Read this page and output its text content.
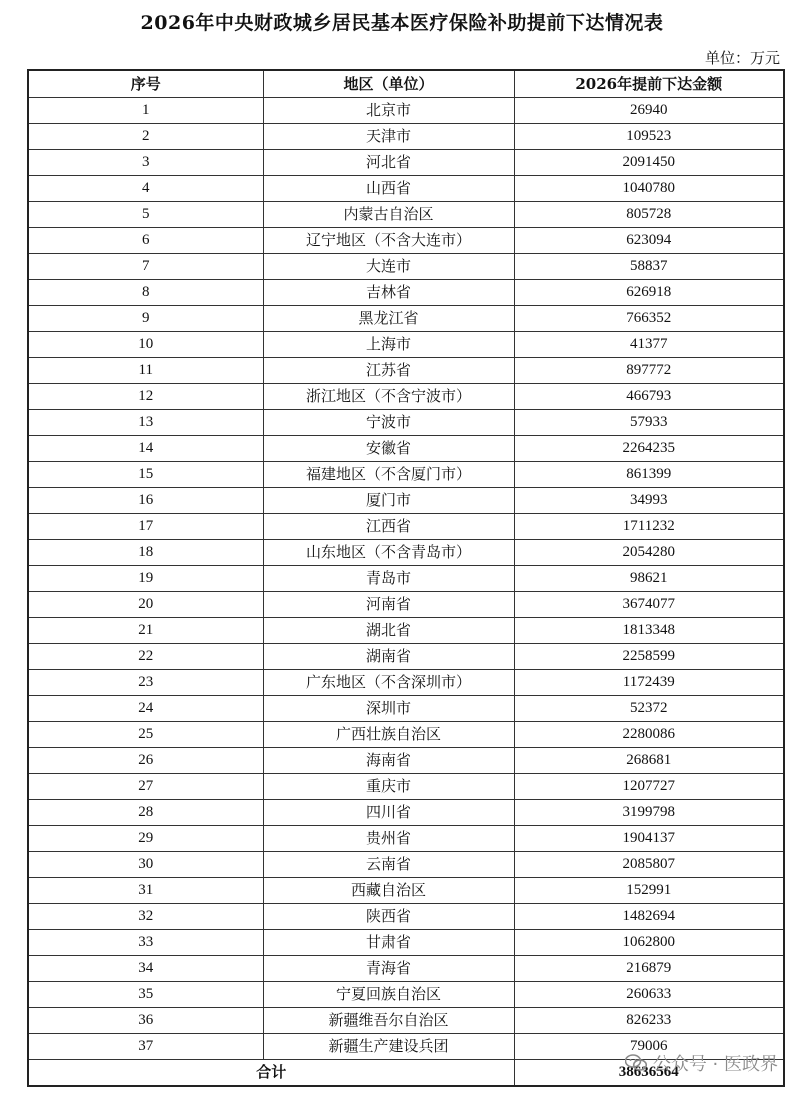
2026年中央财政城乡居民基本医疗保险补助提前下达情况表
单位：万元
序号	地区（单位）	2026年提前下达金额
1	北京市	26940
2	天津市	109523
3	河北省	2091450
4	山西省	1040780
5	内蒙古自治区	805728
6	辽宁地区（不含大连市）	623094
7	大连市	58837
8	吉林省	626918
9	黑龙江省	766352
10	上海市	41377
11	江苏省	897772
12	浙江地区（不含宁波市）	466793
13	宁波市	57933
14	安徽省	2264235
15	福建地区（不含厦门市）	861399
16	厦门市	34993
17	江西省	1711232
18	山东地区（不含青岛市）	2054280
19	青岛市	98621
20	河南省	3674077
21	湖北省	1813348
22	湖南省	2258599
23	广东地区（不含深圳市）	1172439
24	深圳市	52372
25	广西壮族自治区	2280086
26	海南省	268681
27	重庆市	1207727
28	四川省	3199798
29	贵州省	1904137
30	云南省	2085807
31	西藏自治区	152991
32	陕西省	1482694
33	甘肃省	1062800
34	青海省	216879
35	宁夏回族自治区	260633
36	新疆维吾尔自治区	826233
37	新疆生产建设兵团	79006
合计		38636564
公众号 · 医政界
